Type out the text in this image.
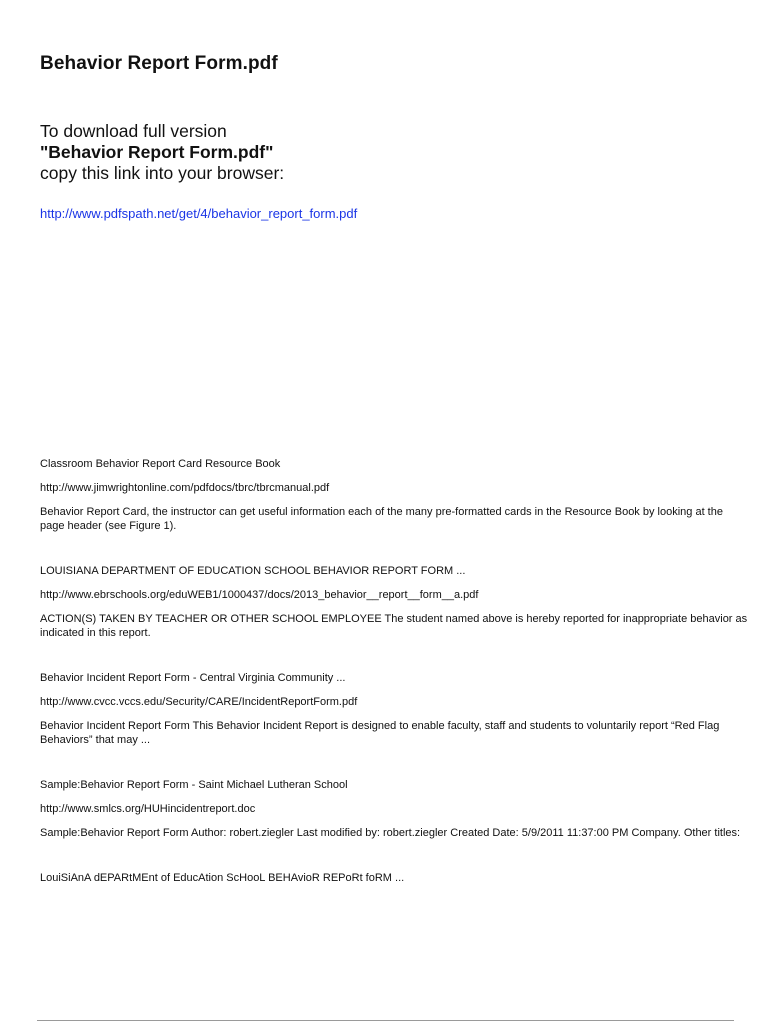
Behavior Report Form.pdf
To download full version
"Behavior Report Form.pdf"
copy this link into your browser:
http://www.pdfspath.net/get/4/behavior_report_form.pdf

Classroom Behavior Report Card Resource Book

http://www.jimwrightonline.com/pdfdocs/tbrc/tbrcmanual.pdf

Behavior Report Card, the instructor can get useful information each of the many pre-formatted cards in the Resource Book by looking at the page header (see Figure 1).

LOUISIANA DEPARTMENT OF EDUCATION SCHOOL BEHAVIOR REPORT FORM ...

http://www.ebrschools.org/eduWEB1/1000437/docs/2013_behavior__report__form__a.pdf

ACTION(S) TAKEN BY TEACHER OR OTHER SCHOOL EMPLOYEE The student named above is hereby reported for inappropriate behavior as indicated in this report.

Behavior Incident Report Form - Central Virginia Community ...

http://www.cvcc.vccs.edu/Security/CARE/IncidentReportForm.pdf

Behavior Incident Report Form This Behavior Incident Report is designed to enable faculty, staff and students to voluntarily report “Red Flag Behaviors” that may ...

Sample:Behavior Report Form - Saint Michael Lutheran School

http://www.smlcs.org/HUHincidentreport.doc

Sample:Behavior Report Form Author: robert.ziegler Last modified by: robert.ziegler Created Date: 5/9/2011 11:37:00 PM Company. Other titles:

LouiSiAnA dEPARtMEnt of EducAtion ScHooL BEHAvioR REPoRt foRM ...
